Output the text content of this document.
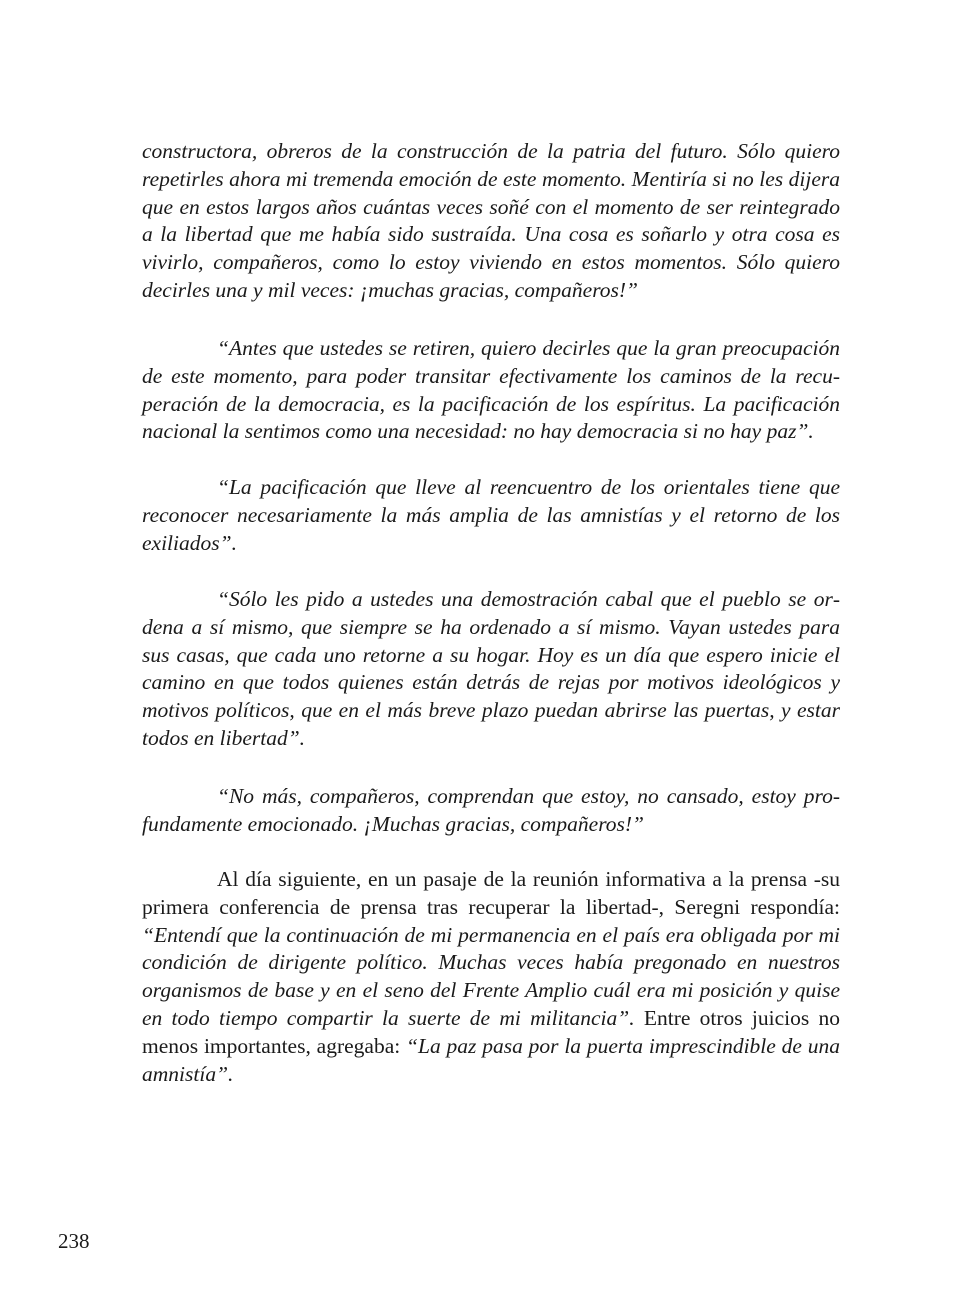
constructora, obreros de la construcción de la patria del futuro. Sólo quiero repetirles ahora mi tremenda emoción de este momento. Mentiría si no les dijera que en estos largos años cuántas veces soñé con el momento de ser reintegrado a la libertad que me había sido sustraída. Una cosa es soñarlo y otra cosa es vivirlo, compañeros, como lo estoy viviendo en estos momentos. Sólo quiero decirles una y mil veces: ¡muchas gracias, compañeros!”

“Antes que ustedes se retiren, quiero decirles que la gran preocupación de este momento, para poder transitar efectivamente los caminos de la recuperación de la democracia, es la pacificación de los espíritus. La pacificación nacional la sentimos como una necesidad: no hay democracia si no hay paz”.

“La pacificación que lleve al reencuentro de los orientales tiene que reconocer necesariamente la más amplia de las amnistías y el retorno de los exiliados”.

“Sólo les pido a ustedes una demostración cabal que el pueblo se ordena a sí mismo, que siempre se ha ordenado a sí mismo. Vayan ustedes para sus casas, que cada uno retorne a su hogar. Hoy es un día que espero inicie el camino en que todos quienes están detrás de rejas por motivos ideológicos y motivos políticos, que en el más breve plazo puedan abrirse las puertas, y estar todos en libertad”.

“No más, compañeros, comprendan que estoy, no cansado, estoy profundamente emocionado. ¡Muchas gracias, compañeros!”

Al día siguiente, en un pasaje de la reunión informativa a la prensa -su primera conferencia de prensa tras recuperar la libertad-, Seregni respondía: “Entendí que la continuación de mi permanencia en el país era obligada por mi condición de dirigente político. Muchas veces había pregonado en nuestros organismos de base y en el seno del Frente Amplio cuál era mi posición y quise en todo tiempo compartir la suerte de mi militancia”. Entre otros juicios no menos importantes, agregaba: “La paz pasa por la puerta imprescindible de una amnistía”.

238
